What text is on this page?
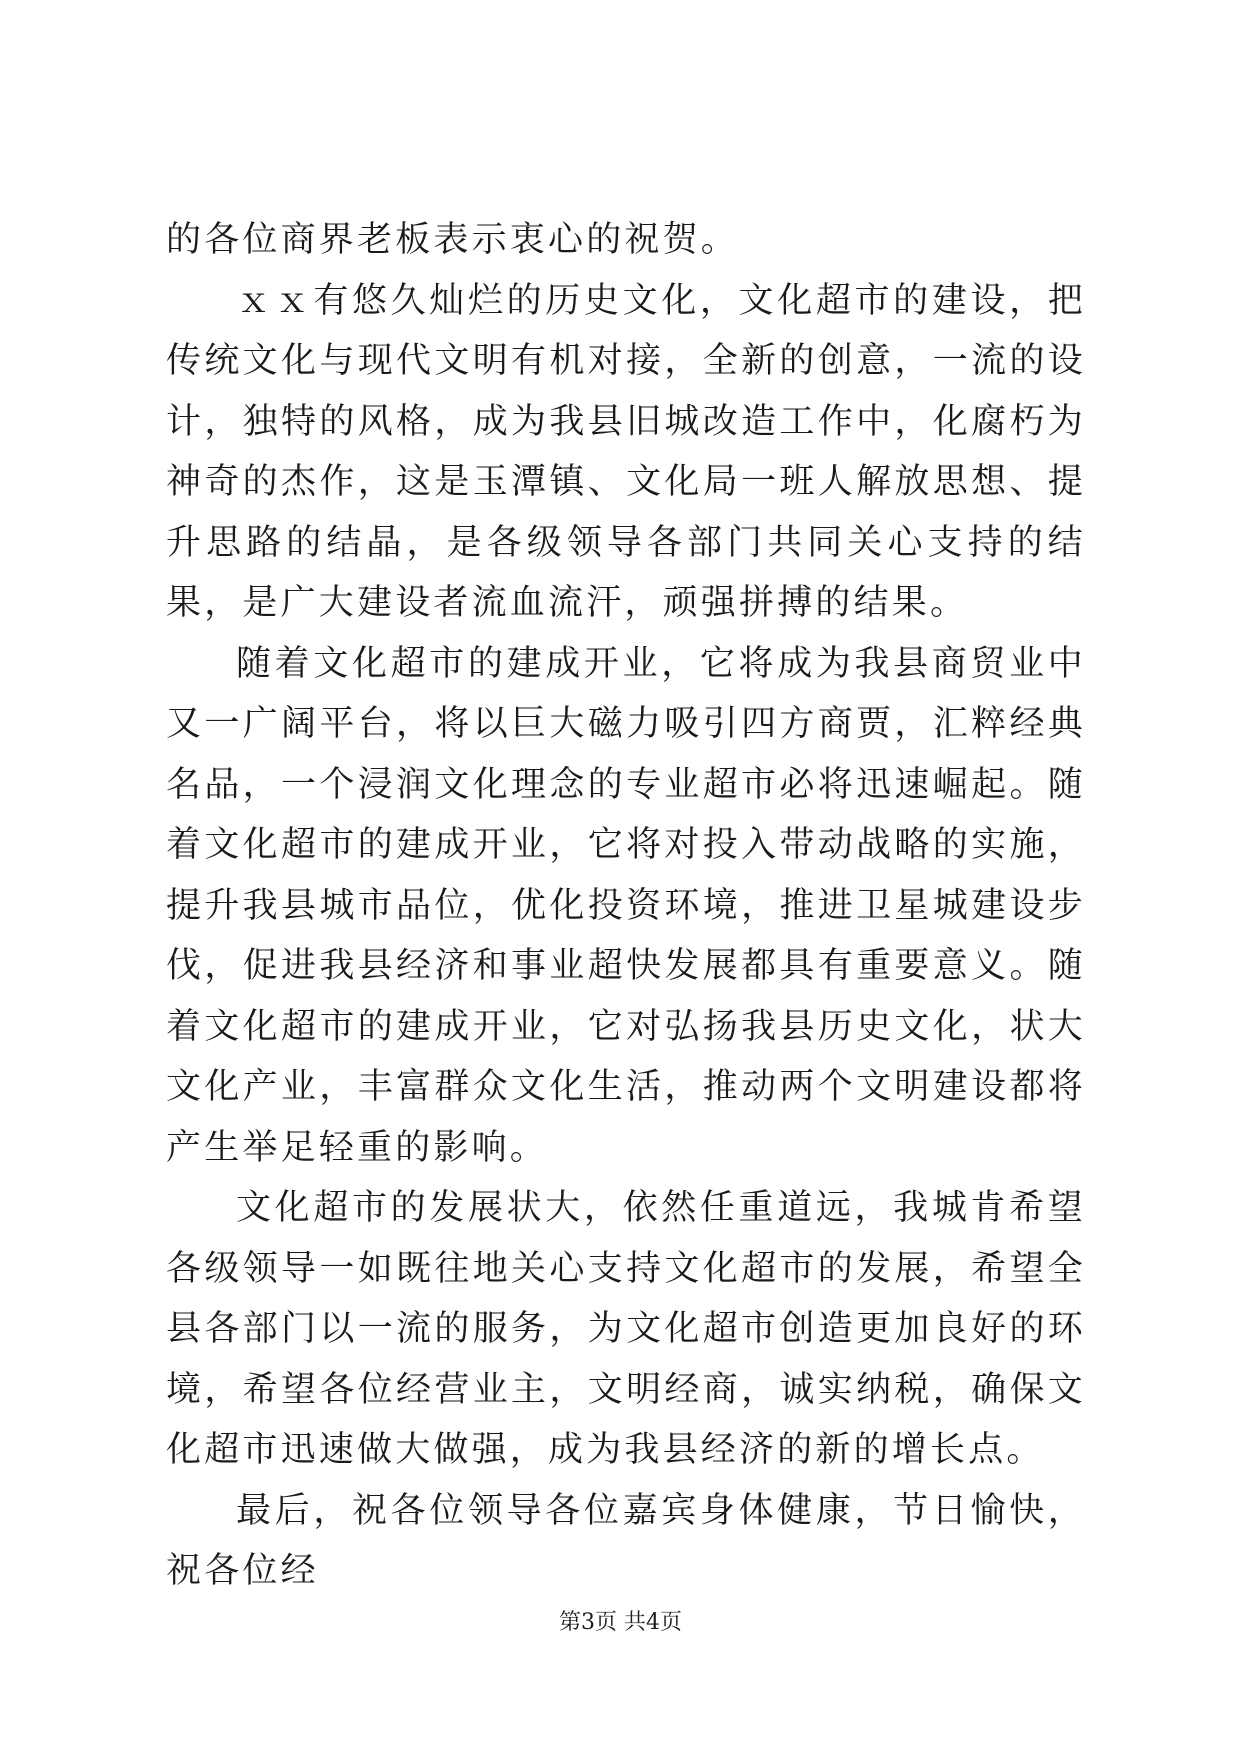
的各位商界老板表示衷心的祝贺。

ｘｘ有悠久灿烂的历史文化，文化超市的建设，把传统文化与现代文明有机对接，全新的创意，一流的设计，独特的风格，成为我县旧城改造工作中，化腐朽为神奇的杰作，这是玉潭镇、文化局一班人解放思想、提升思路的结晶，是各级领导各部门共同关心支持的结果，是广大建设者流血流汗，顽强拼搏的结果。

随着文化超市的建成开业，它将成为我县商贸业中又一广阔平台，将以巨大磁力吸引四方商贾，汇粹经典名品，一个浸润文化理念的专业超市必将迅速崛起。随着文化超市的建成开业，它将对投入带动战略的实施，提升我县城市品位，优化投资环境，推进卫星城建设步伐，促进我县经济和事业超快发展都具有重要意义。随着文化超市的建成开业，它对弘扬我县历史文化，状大文化产业，丰富群众文化生活，推动两个文明建设都将产生举足轻重的影响。

文化超市的发展状大，依然任重道远，我城肯希望各级领导一如既往地关心支持文化超市的发展，希望全县各部门以一流的服务，为文化超市创造更加良好的环境，希望各位经营业主，文明经商，诚实纳税，确保文化超市迅速做大做强，成为我县经济的新的增长点。

最后，祝各位领导各位嘉宾身体健康，节日愉快，祝各位经

第3页 共4页
